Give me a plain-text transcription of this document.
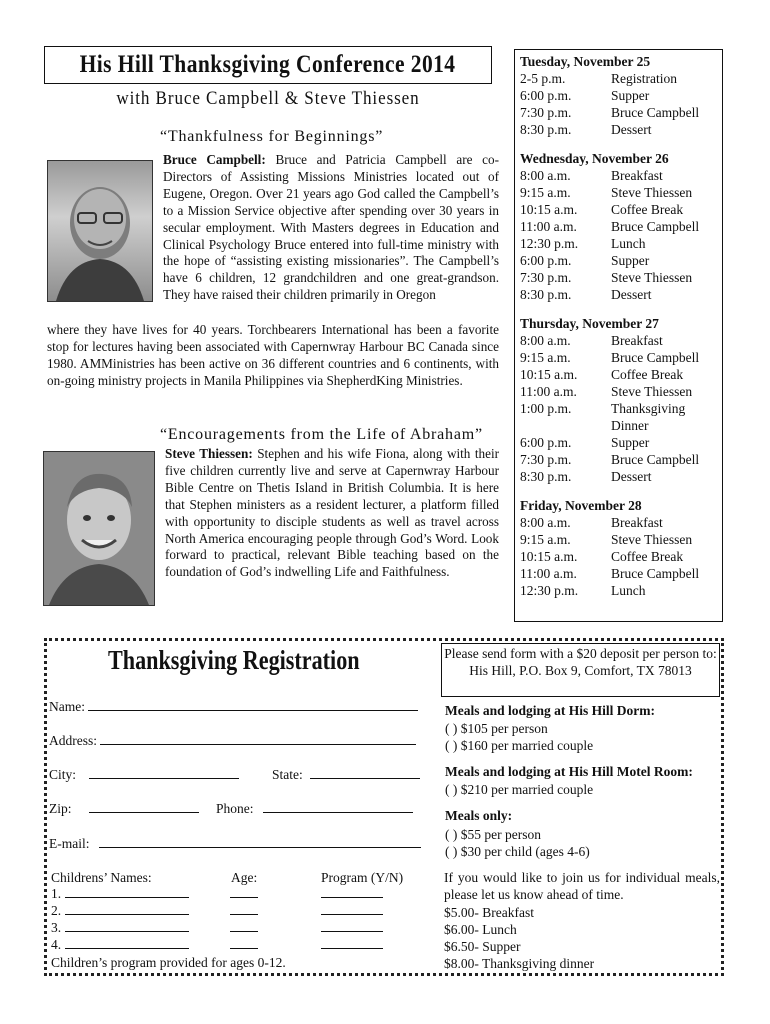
His Hill Thanksgiving Conference 2014
with Bruce Campbell & Steve Thiessen
“Thankfulness for Beginnings”
Bruce Campbell: Bruce and Patricia Campbell are co-Directors of Assisting Missions Ministries located out of Eugene, Oregon. Over 21 years ago God called the Campbell’s to a Mission Service objective after spending over 30 years in secular employment. With Masters degrees in Education and Clinical Psychology Bruce entered into full-time ministry with the hope of “assisting existing missionaries”. The Campbell’s have 6 children, 12 grandchildren and one great-grandson. They have raised their children primarily in Oregon
where they have lives for 40 years. Torchbearers International has been a favorite stop for lectures having been associated with Capernwray Harbour BC Canada since 1980. AMMinistries has been active on 36 different countries and 6 continents, with on-going ministry projects in Manila Philippines via ShepherdKing Ministries.
“Encouragements from the Life of Abraham”
Steve Thiessen: Stephen and his wife Fiona, along with their five children currently live and serve at Capernwray Harbour Bible Centre on Thetis Island in British Columbia. It is here that Stephen ministers as a resident lecturer, a platform filled with opportunity to disciple students as well as travel across North America encouraging people through God’s Word. Look forward to practical, relevant Bible teaching based on the foundation of God’s indwelling Life and Faithfulness.
Tuesday, November 25
2-5 p.m.	Registration
6:00 p.m.	Supper
7:30 p.m.	Bruce Campbell
8:30 p.m.	Dessert
Wednesday, November 26
8:00 a.m.	Breakfast
9:15 a.m.	Steve Thiessen
10:15 a.m.	Coffee Break
11:00 a.m.	Bruce Campbell
12:30 p.m.	Lunch
6:00 p.m.	Supper
7:30 p.m.	Steve Thiessen
8:30 p.m.	Dessert
Thursday, November 27
8:00 a.m.	Breakfast
9:15 a.m.	Bruce Campbell
10:15 a.m.	Coffee Break
11:00 a.m.	Steve Thiessen
1:00 p.m.	Thanksgiving Dinner
6:00 p.m.	Supper
7:30 p.m.	Bruce Campbell
8:30 p.m.	Dessert
Friday, November 28
8:00 a.m.	Breakfast
9:15 a.m.	Steve Thiessen
10:15 a.m.	Coffee Break
11:00 a.m.	Bruce Campbell
12:30 p.m.	Lunch
Thanksgiving Registration	Please send form with a $20 deposit per person to:
His Hill, P.O. Box 9, Comfort, TX 78013
Name:
Address:
City:	State:
Zip:	Phone:
E-mail:
Childrens’ Names:	Age:	Program (Y/N)
1.
2.
3.
4.
Children’s program provided for ages 0-12.
Meals and lodging at His Hill Dorm:
( ) $105 per person
( ) $160 per married couple
Meals and lodging at His Hill Motel Room:
( ) $210 per married couple
Meals only:
( ) $55 per person
( ) $30 per child (ages 4-6)
If you would like to join us for individual meals, please let us know ahead of time.
$5.00- Breakfast
$6.00- Lunch
$6.50- Supper
$8.00- Thanksgiving dinner
